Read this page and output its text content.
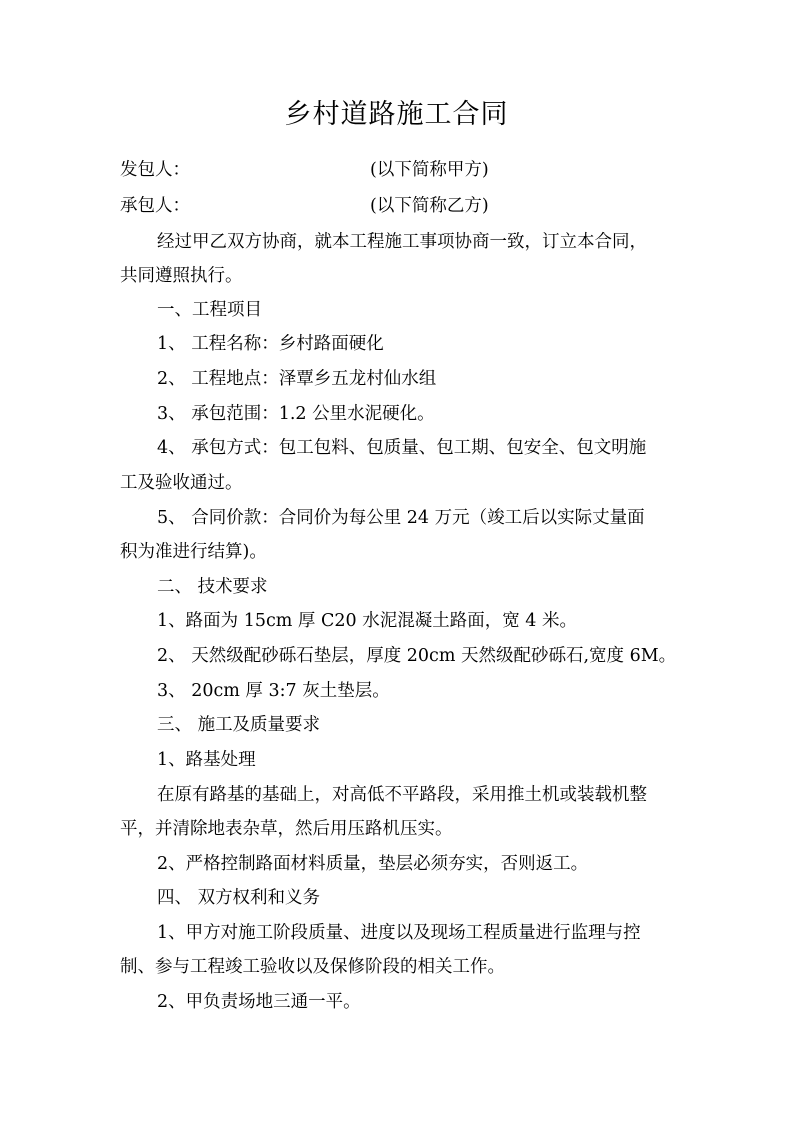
乡村道路施工合同
发包人：	(以下简称甲方)
承包人：	(以下简称乙方)
经过甲乙双方协商，就本工程施工事项协商一致，订立本合同，
共同遵照执行。
一、工程项目
1、 工程名称：乡村路面硬化
2、 工程地点：泽覃乡五龙村仙水组
3、 承包范围：1.2 公里水泥硬化。
4、 承包方式：包工包料、包质量、包工期、包安全、包文明施
工及验收通过。
5、 合同价款：合同价为每公里 24 万元（竣工后以实际丈量面
积为准进行结算)。
二、 技术要求
1、路面为 15cm 厚 C20 水泥混凝土路面，宽 4 米。
2、 天然级配砂砾石垫层，厚度 20cm 天然级配砂砾石,宽度 6M。
3、 20cm 厚 3:7 灰土垫层。
三、 施工及质量要求
1、路基处理
在原有路基的基础上，对高低不平路段，采用推土机或装载机整
平，并清除地表杂草，然后用压路机压实。
2、严格控制路面材料质量，垫层必须夯实，否则返工。
四、 双方权利和义务
1、甲方对施工阶段质量、进度以及现场工程质量进行监理与控
制、参与工程竣工验收以及保修阶段的相关工作。
2、甲负责场地三通一平。
